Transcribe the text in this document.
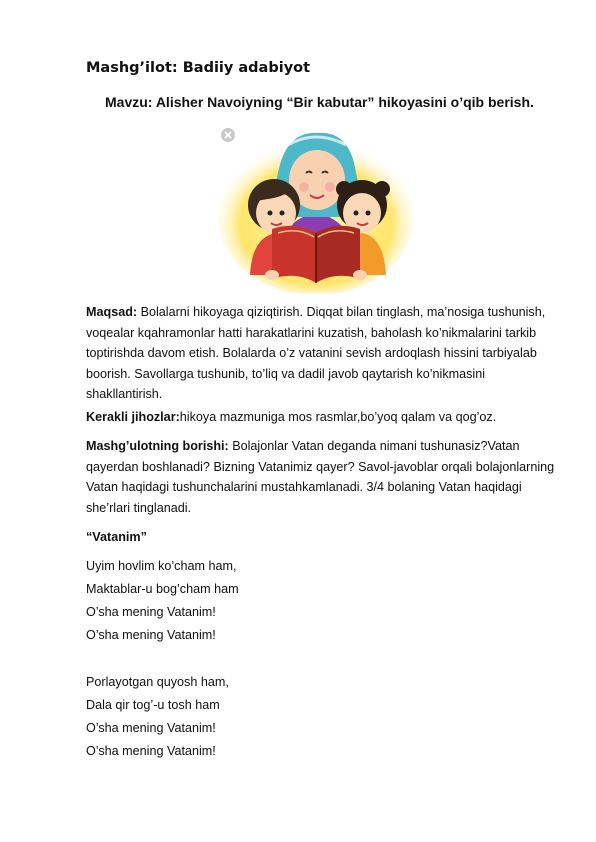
Mashg’ilot: Badiiy adabiyot
Mavzu: Alisher Navoiyning “Bir kabutar” hikoyasini o’qib berish.
Maqsad: Bolalarni hikoyaga qiziqtirish. Diqqat bilan tinglash, ma’nosiga tushunish, voqealar kqahramonlar hatti harakatlarini kuzatish, baholash ko’nikmalarini tarkib toptirishda davom etish. Bolalarda o’z vatanini sevish ardoqlash hissini tarbiyalab boorish. Savollarga tushunib, to’liq va dadil javob qaytarish ko’nikmasini shakllantirish.
Kerakli jihozlar:hikoya mazmuniga mos rasmlar,bo’yoq qalam va qog’oz.
Mashg’ulotning borishi: Bolajonlar Vatan deganda nimani tushunasiz?Vatan qayerdan boshlanadi? Bizning Vatanimiz qayer? Savol-javoblar orqali bolajonlarning Vatan haqidagi tushunchalarini mustahkamlanadi. 3/4 bolaning Vatan haqidagi she’rlari tinglanadi.
“Vatanim”
Uyim hovlim ko’cham ham,
Maktablar-u bog’cham ham
O’sha mening Vatanim!
O’sha mening Vatanim!
Porlayotgan quyosh ham,
Dala qir tog’-u tosh ham
O’sha mening Vatanim!
O’sha mening Vatanim!
